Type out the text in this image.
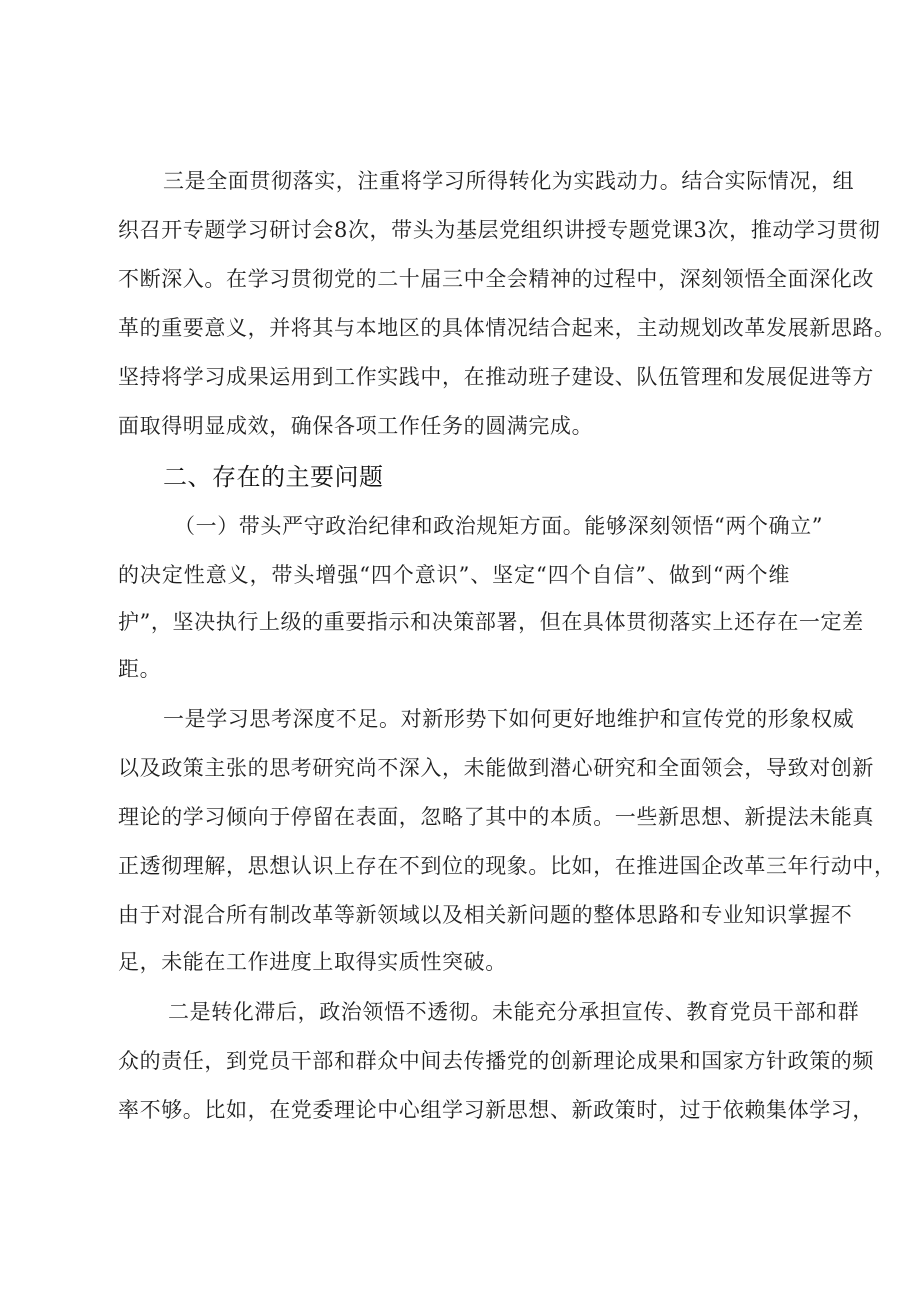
三是全面贯彻落实，注重将学习所得转化为实践动力。结合实际情况，组
织召开专题学习研讨会8次，带头为基层党组织讲授专题党课3次，推动学习贯彻
不断深入。在学习贯彻党的二十届三中全会精神的过程中，深刻领悟全面深化改
革的重要意义，并将其与本地区的具体情况结合起来，主动规划改革发展新思路。
坚持将学习成果运用到工作实践中，在推动班子建设、队伍管理和发展促进等方
面取得明显成效，确保各项工作任务的圆满完成。
二、存在的主要问题
（一）带头严守政治纪律和政治规矩方面。能够深刻领悟“两个确立”
的决定性意义，带头增强“四个意识”、坚定“四个自信”、做到“两个维
护”，坚决执行上级的重要指示和决策部署，但在具体贯彻落实上还存在一定差
距。
一是学习思考深度不足。对新形势下如何更好地维护和宣传党的形象权威
以及政策主张的思考研究尚不深入，未能做到潜心研究和全面领会，导致对创新
理论的学习倾向于停留在表面，忽略了其中的本质。一些新思想、新提法未能真
正透彻理解，思想认识上存在不到位的现象。比如，在推进国企改革三年行动中，
由于对混合所有制改革等新领域以及相关新问题的整体思路和专业知识掌握不
足，未能在工作进度上取得实质性突破。
二是转化滞后，政治领悟不透彻。未能充分承担宣传、教育党员干部和群
众的责任，到党员干部和群众中间去传播党的创新理论成果和国家方针政策的频
率不够。比如，在党委理论中心组学习新思想、新政策时，过于依赖集体学习，
